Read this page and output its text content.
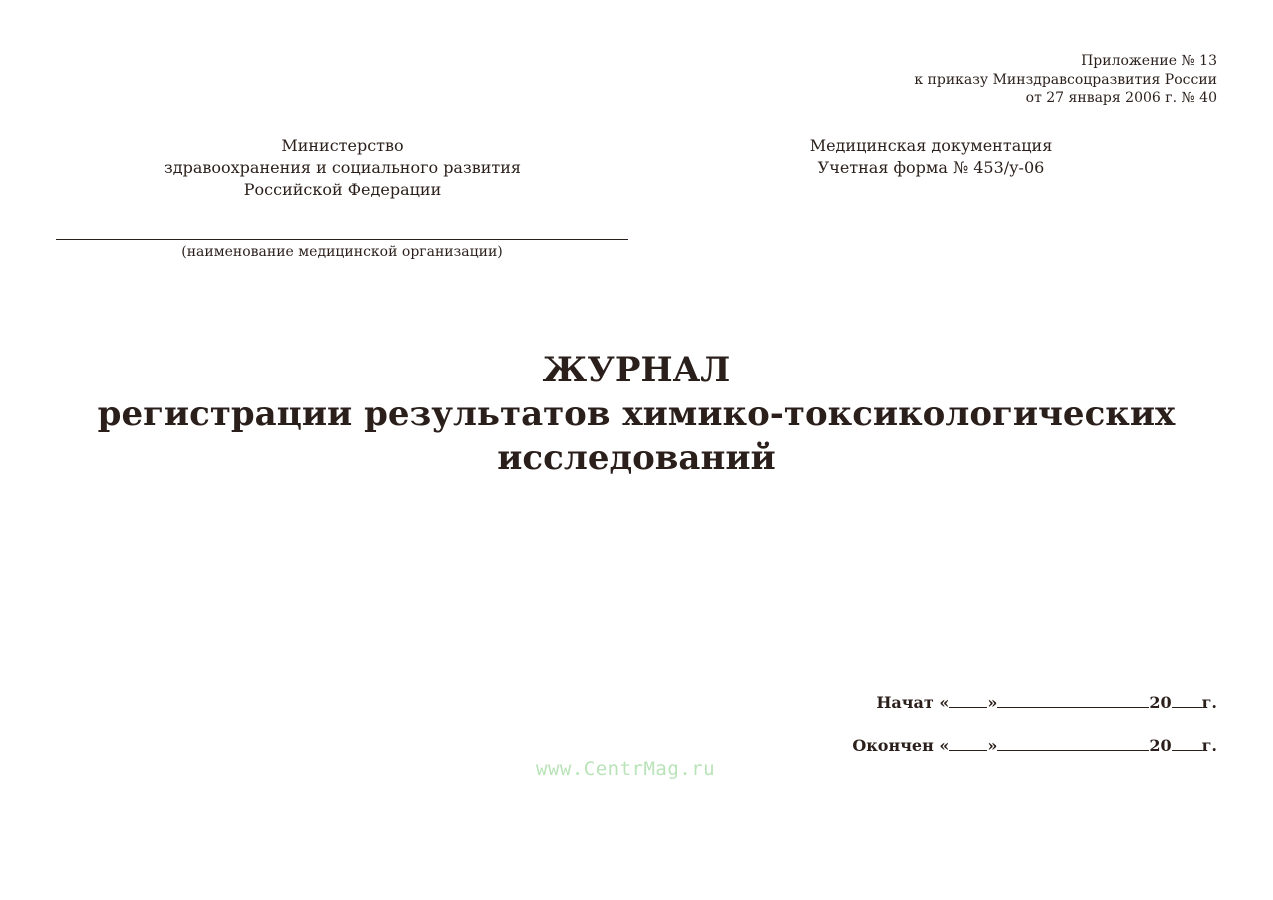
Приложение № 13
к приказу Минздравсоцразвития России
от 27 января 2006 г. № 40
Министерство
здравоохранения и социального развития
Российской Федерации
Медицинская документация
Учетная форма № 453/у-06
(наименование медицинской организации)
ЖУРНАЛ
регистрации результатов химико-токсикологических
исследований
Начат « »	20 г.
Окончен « »	20 г.
www.CentrMag.ru
